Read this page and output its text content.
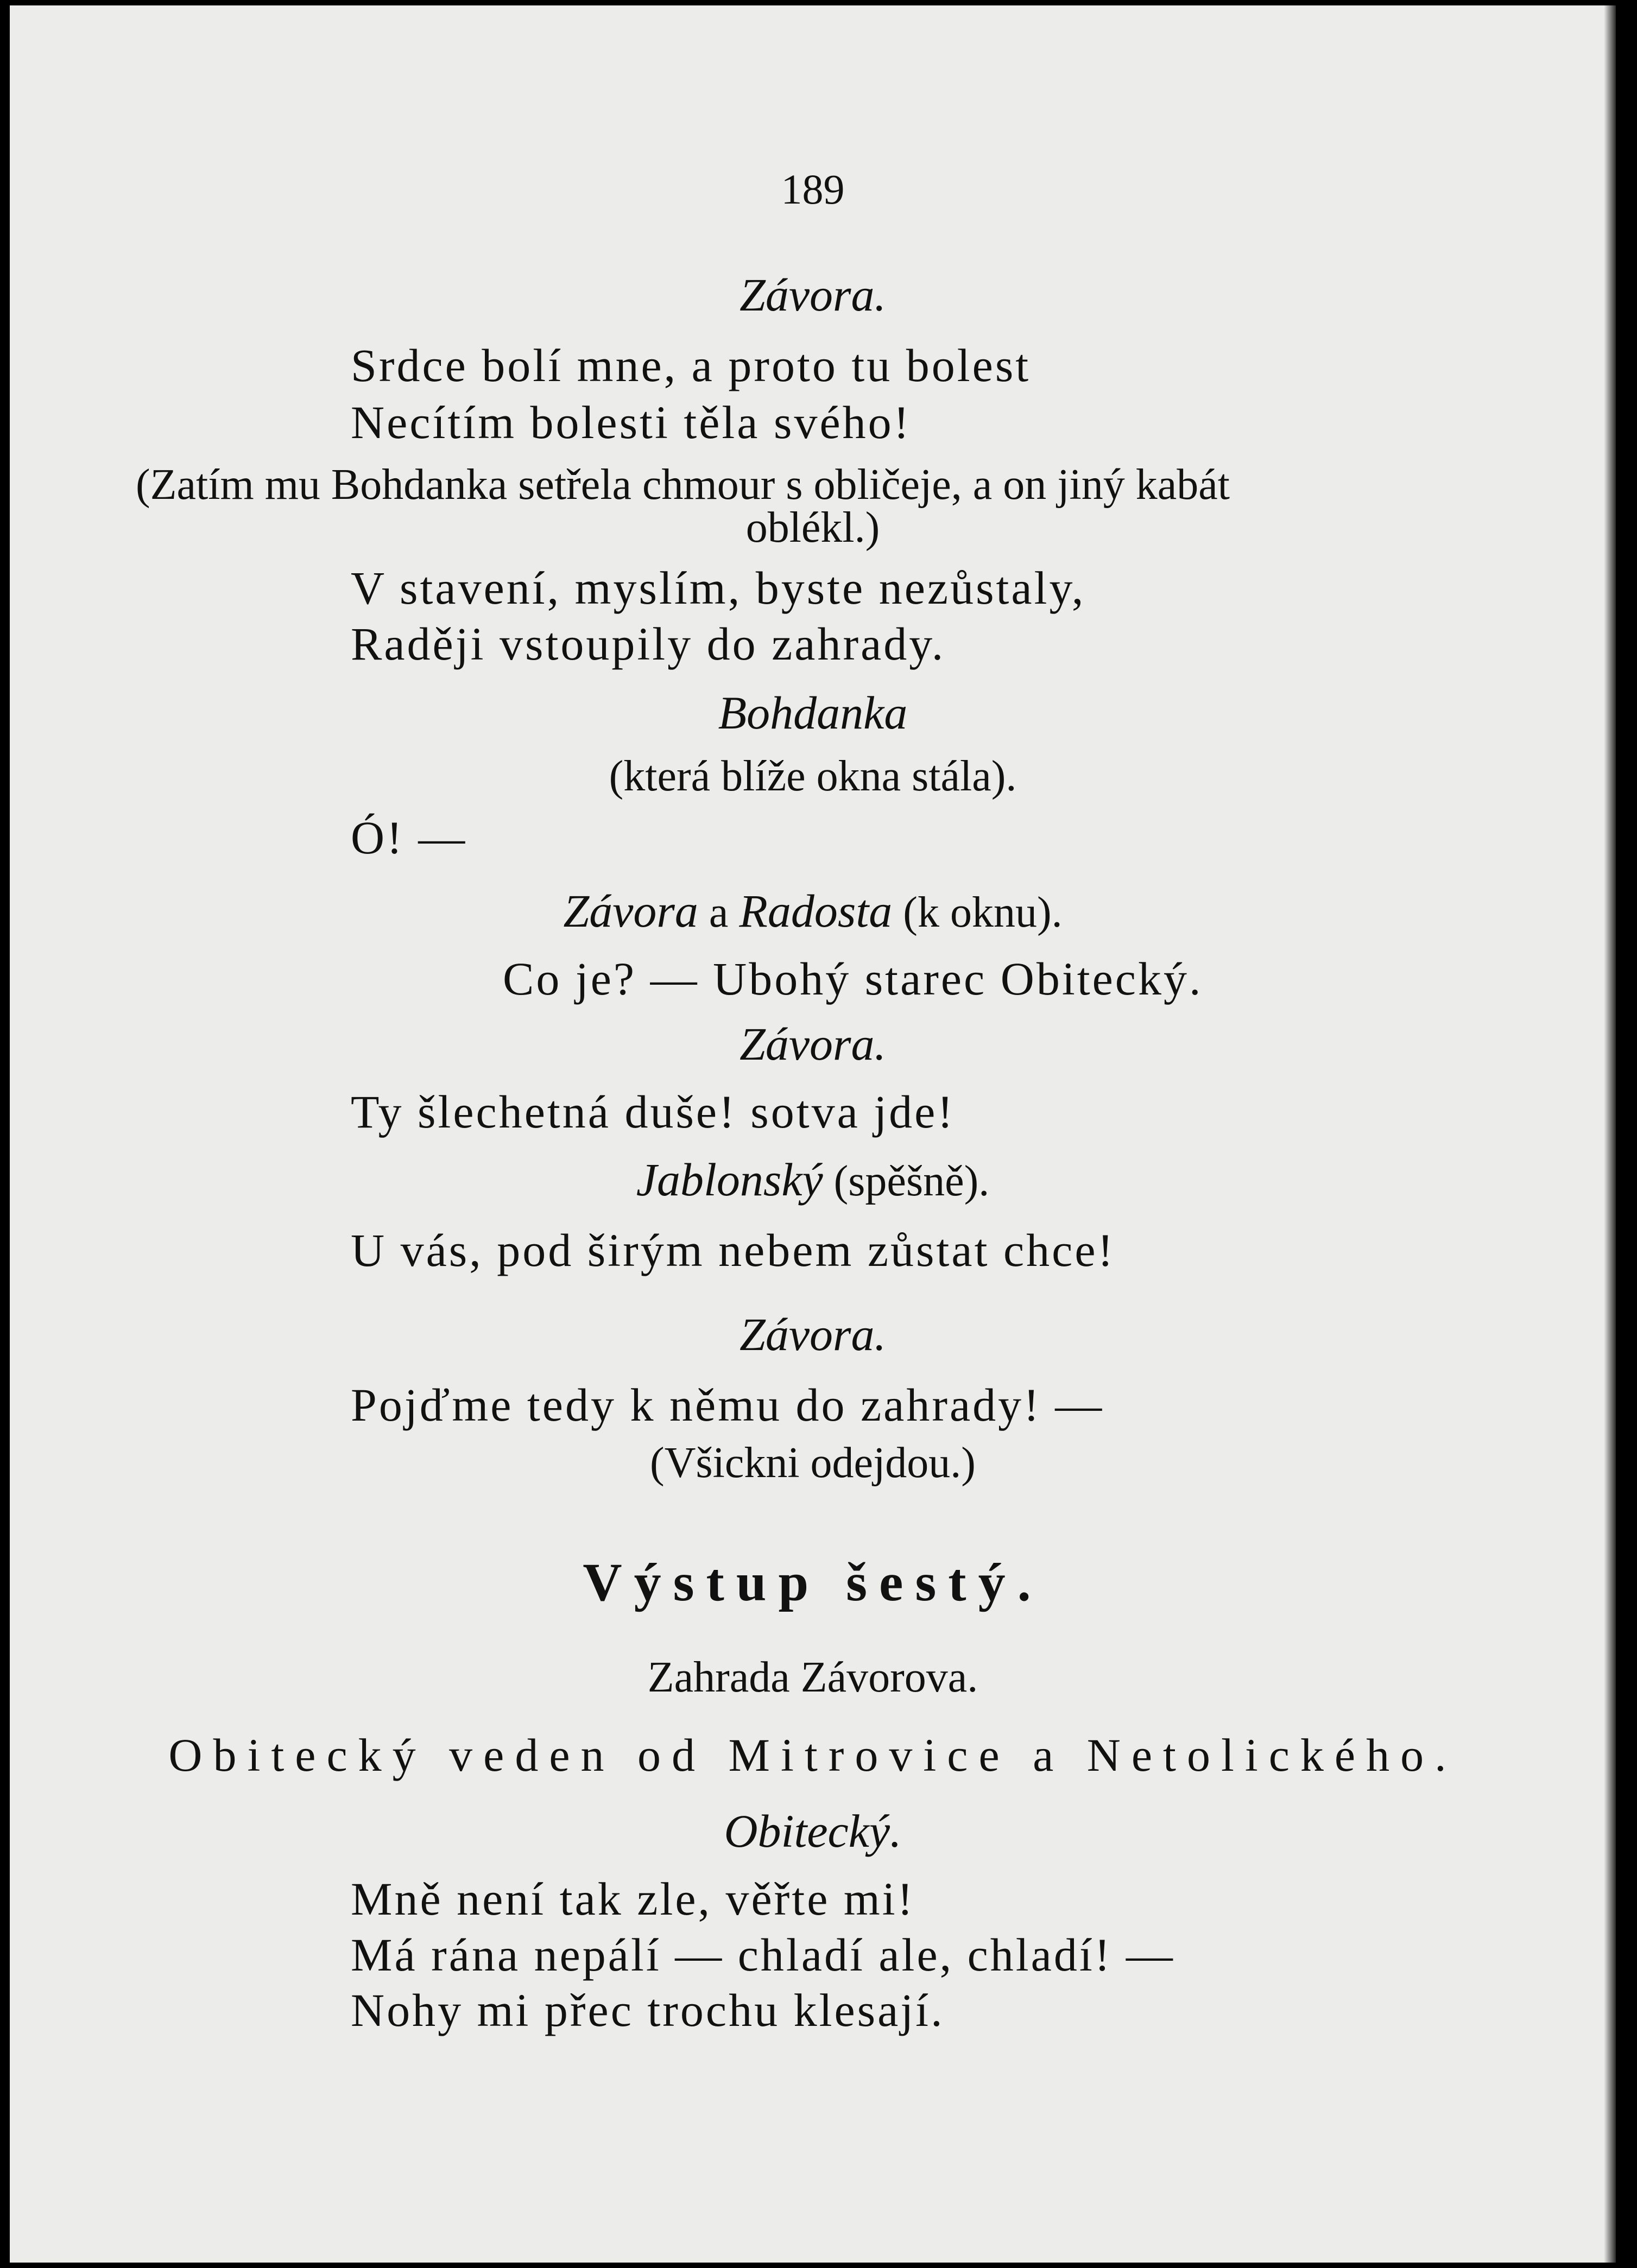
189
Závora.
Srdce bolí mne, a proto tu bolest
Necítím bolesti těla svého!
(Zatím mu Bohdanka setřela chmour s obličeje, a on jiný kabát
oblékl.)
V stavení, myslím, byste nezůstaly,
Raději vstoupily do zahrady.
Bohdanka
(která blíže okna stála).
Ó! —
Závora a Radosta (k oknu).
Co je? — Ubohý starec Obitecký.
Závora.
Ty šlechetná duše! sotva jde!
Jablonský (spěšně).
U vás, pod širým nebem zůstat chce!
Závora.
Pojďme tedy k němu do zahrady! —
(Všickni odejdou.)
Výstup šestý.
Zahrada Závorova.
Obitecký veden od Mitrovice a Netolického.
Obitecký.
Mně není tak zle, věřte mi!
Má rána nepálí — chladí ale, chladí! —
Nohy mi přec trochu klesají.
